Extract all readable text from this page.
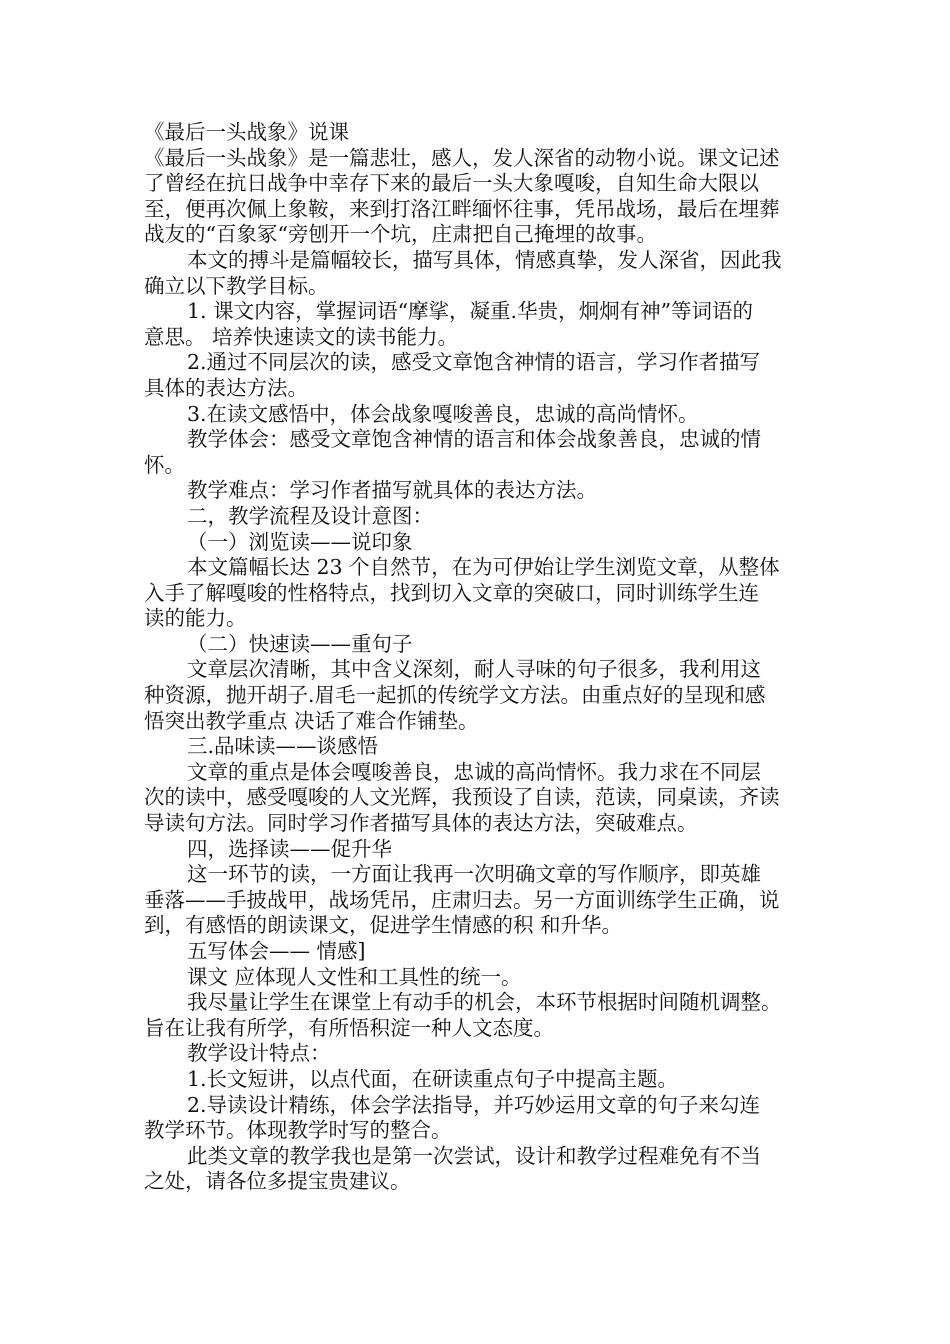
《最后一头战象》说课

《最后一头战象》是一篇悲壮，感人，发人深省的动物小说。课文记述

了曾经在抗日战争中幸存下来的最后一头大象嘎唆，自知生命大限以

至，便再次佩上象鞍，来到打洛江畔缅怀往事，凭吊战场，最后在埋葬

战友的“百象冢“旁刨开一个坑，庄肃把自己掩埋的故事。

本文的搏斗是篇幅较长，描写具体，情感真挚，发人深省，因此我

确立以下教学目标。

1. 课文内容，掌握词语“摩挲，凝重.华贵，炯炯有神”等词语的

意思。 培养快速读文的读书能力。

2.通过不同层次的读，感受文章饱含神情的语言，学习作者描写

具体的表达方法。

3.在读文感悟中，体会战象嘎唆善良，忠诚的高尚情怀。

教学体会：感受文章饱含神情的语言和体会战象善良，忠诚的情

怀。

教学难点：学习作者描写就具体的表达方法。

二，教学流程及设计意图：

（一）浏览读——说印象

本文篇幅长达 23 个自然节，在为可伊始让学生浏览文章，从整体

入手了解嘎唆的性格特点，找到切入文章的突破口，同时训练学生连

读的能力。

（二）快速读——重句子

文章层次清晰，其中含义深刻，耐人寻味的句子很多，我利用这

种资源，抛开胡子.眉毛一起抓的传统学文方法。由重点好的呈现和感

悟突出教学重点 决话了难合作铺垫。

三.品味读——谈感悟

文章的重点是体会嘎唆善良，忠诚的高尚情怀。我力求在不同层

次的读中，感受嘎唆的人文光辉，我预设了自读，范读，同桌读，齐读

导读句方法。同时学习作者描写具体的表达方法，突破难点。

四，选择读——促升华

这一环节的读，一方面让我再一次明确文章的写作顺序，即英雄

垂落——手披战甲，战场凭吊，庄肃归去。另一方面训练学生正确，说

到，有感悟的朗读课文，促进学生情感的积 和升华。

五写体会—— 情感]

课文 应体现人文性和工具性的统一。

我尽量让学生在课堂上有动手的机会，本环节根据时间随机调整。

旨在让我有所学，有所悟积淀一种人文态度。

教学设计特点：

1.长文短讲，以点代面，在研读重点句子中提高主题。

2.导读设计精练，体会学法指导，并巧妙运用文章的句子来勾连

教学环节。体现教学时写的整合。

此类文章的教学我也是第一次尝试，设计和教学过程难免有不当

之处，请各位多提宝贵建议。
